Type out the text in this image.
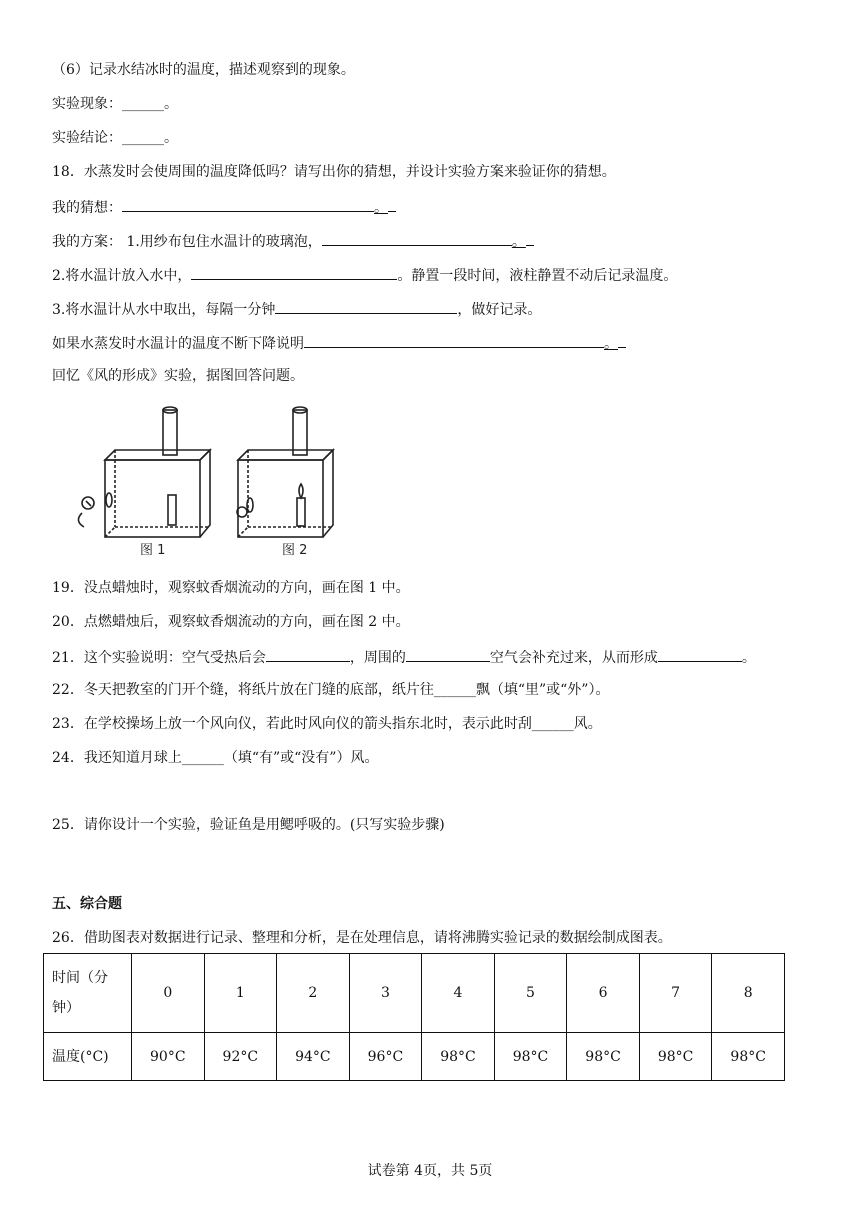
（6）记录水结冰时的温度，描述观察到的现象。
实验现象：______。
实验结论：______。
18．水蒸发时会使周围的温度降低吗？请写出你的猜想，并设计实验方案来验证你的猜想。
我的猜想：	。
我的方案： 1.用纱布包住水温计的玻璃泡，	。
2.将水温计放入水中，	。静置一段时间，液柱静置不动后记录温度。
3.将水温计从水中取出，每隔一分钟	，做好记录。
如果水蒸发时水温计的温度不断下降说明	。
回忆《风的形成》实验，据图回答问题。
图 1	图 2
19．没点蜡烛时，观察蚊香烟流动的方向，画在图 1 中。
20．点燃蜡烛后，观察蚊香烟流动的方向，画在图 2 中。
21．这个实验说明：空气受热后会	，周围的	空气会补充过来，从而形成	。
22．冬天把教室的门开个缝，将纸片放在门缝的底部，纸片往______飘（填“里”或“外”）。
23．在学校操场上放一个风向仪，若此时风向仪的箭头指东北时，表示此时刮______风。
24．我还知道月球上______（填“有”或“没有”）风。
25．请你设计一个实验，验证鱼是用鳃呼吸的。(只写实验步骤)
五、综合题
26．借助图表对数据进行记录、整理和分析，是在处理信息，请将沸腾实验记录的数据绘制成图表。
时间（分
钟）	0	1	2	3	4	5	6	7	8
温度(°C)	90°C	92°C	94°C	96°C	98°C	98°C	98°C	98°C	98°C
试卷第 4页，共 5页
